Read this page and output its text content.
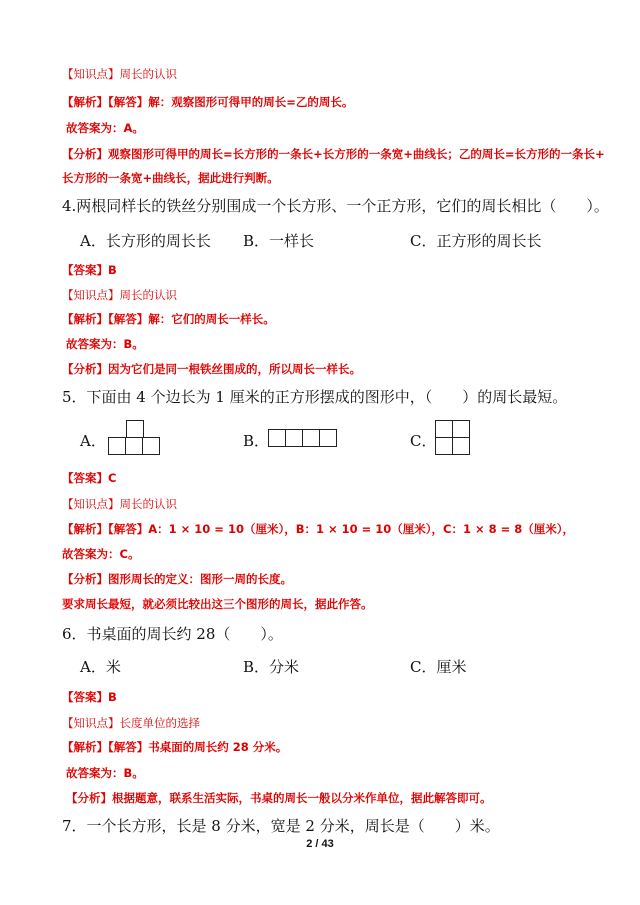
【知识点】周长的认识
【解析】【解答】解：观察图形可得甲的周长=乙的周长。
故答案为：A。
【分析】观察图形可得甲的周长=长方形的一条长+长方形的一条宽+曲线长；乙的周长=长方形的一条长+
长方形的一条宽+曲线长，据此进行判断。
4.两根同样长的铁丝分别围成一个长方形、一个正方形，它们的周长相比（　　）。
A．长方形的周长长 B．一样长	C．正方形的周长长
【答案】B
【知识点】周长的认识
【解析】【解答】解：它们的周长一样长。
故答案为：B。
【分析】因为它们是同一根铁丝围成的，所以周长一样长。
5．下面由 4 个边长为 1 厘米的正方形摆成的图形中，（　　）的周长最短。
A．	B．	C．
【答案】C
【知识点】周长的认识
【解析】【解答】A：1 × 10 = 10（厘米），B：1 × 10 = 10（厘米），C：1 × 8 = 8（厘米），
故答案为：C。
【分析】图形周长的定义：图形一周的长度。
要求周长最短，就必须比较出这三个图形的周长，据此作答。
6．书桌面的周长约 28（　　）。
A．米	B．分米	C．厘米
【答案】B
【知识点】长度单位的选择
【解析】【解答】书桌面的周长约 28 分米。
故答案为：B。
【分析】根据题意，联系生活实际，书桌的周长一般以分米作单位，据此解答即可。
7．一个长方形，长是 8 分米，宽是 2 分米，周长是（　　）米。
2 / 43
